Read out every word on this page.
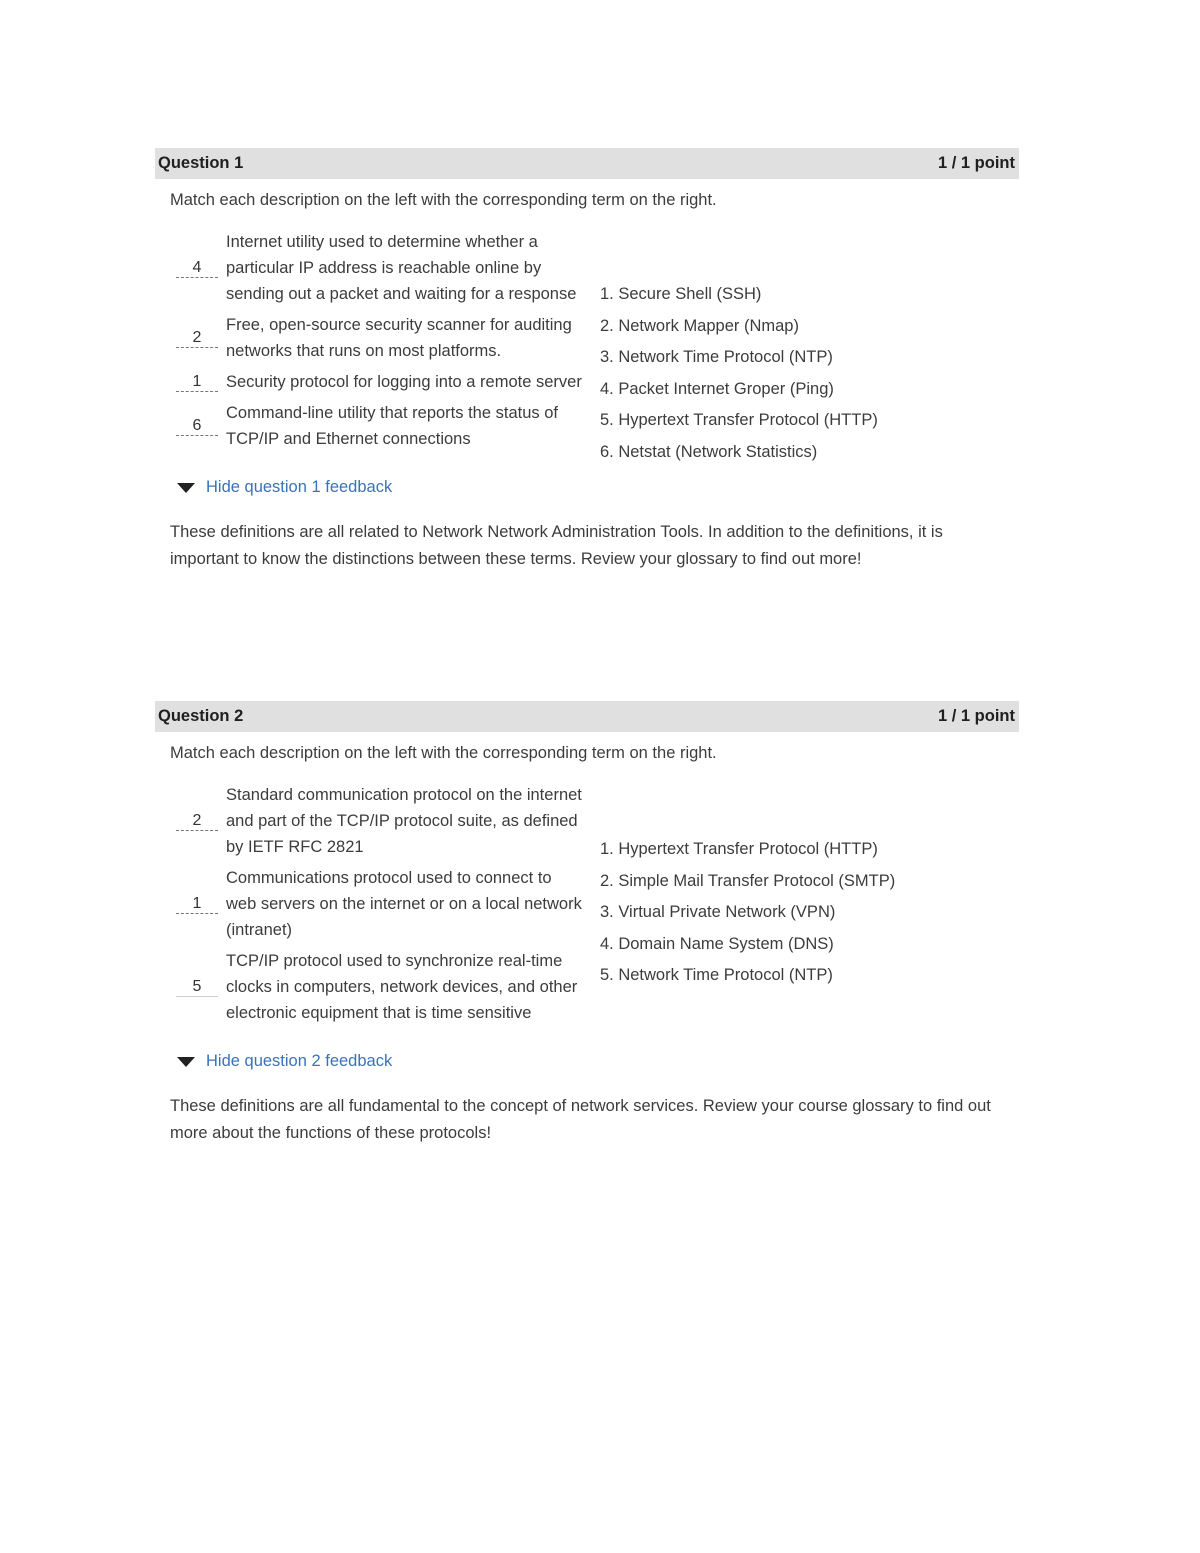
Question 1	1 / 1 point
Match each description on the left with the corresponding term on the right.
1. Secure Shell (SSH)
2. Network Mapper (Nmap)
3. Network Time Protocol (NTP)
4. Packet Internet Groper (Ping)
5. Hypertext Transfer Protocol (HTTP)
6. Netstat (Network Statistics)
4
Internet utility used to determine whether a particular IP address is reachable online by sending out a packet and waiting for a response
2
Free, open-source security scanner for auditing networks that runs on most platforms.
1	Security protocol for logging into a remote server
6
Command-line utility that reports the status of TCP/IP and Ethernet connections
Hide question 1 feedback
These definitions are all related to Network Network Administration Tools. In addition to the definitions, it is important to know the distinctions between these terms. Review your glossary to find out more!
Question 2	1 / 1 point
Match each description on the left with the corresponding term on the right.
1. Hypertext Transfer Protocol (HTTP)
2. Simple Mail Transfer Protocol (SMTP)
3. Virtual Private Network (VPN)
4. Domain Name System (DNS)
5. Network Time Protocol (NTP)
2
Standard communication protocol on the internet and part of the TCP/IP protocol suite, as defined by IETF RFC 2821
1
Communications protocol used to connect to web servers on the internet or on a local network (intranet)
5
TCP/IP protocol used to synchronize real-time clocks in computers, network devices, and other electronic equipment that is time sensitive
Hide question 2 feedback
These definitions are all fundamental to the concept of network services. Review your course glossary to find out more about the functions of these protocols!
